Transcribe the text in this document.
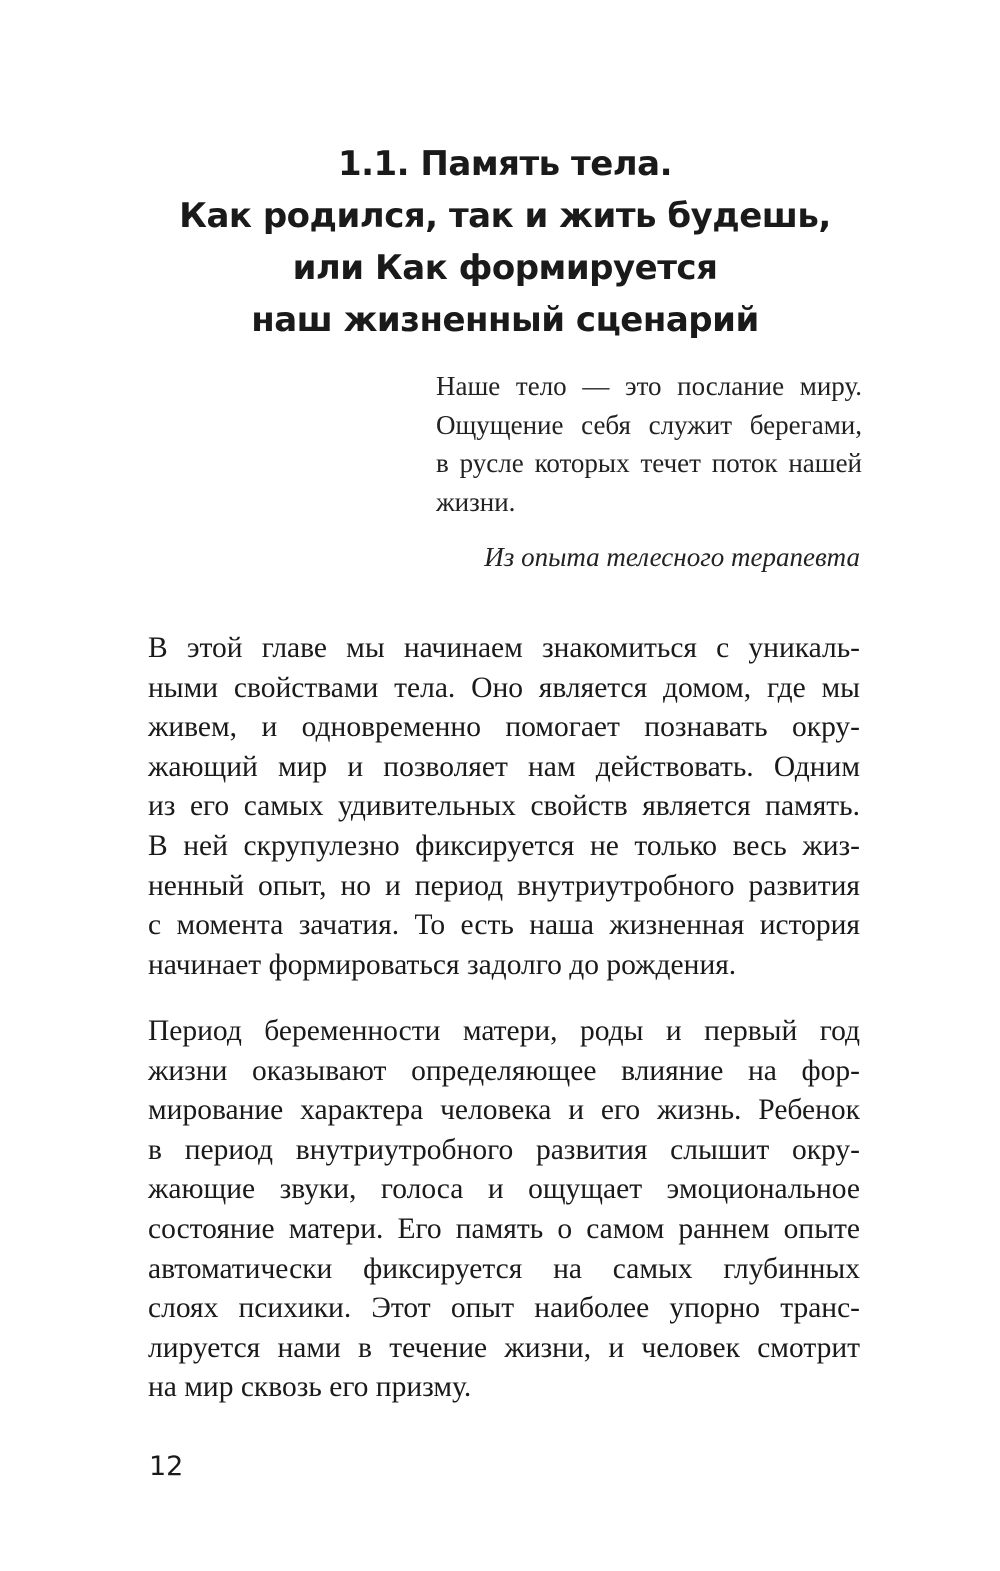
1.1. Память тела.
Как родился, так и жить будешь,
или Как формируется
наш жизненный сценарий
Наше тело — это послание миру.
Ощущение себя служит берегами,
в русле которых течет поток нашей
жизни.
Из опыта телесного терапевта
В этой главе мы начинаем знакомиться с уникаль-
ными свойствами тела. Оно является домом, где мы
живем, и одновременно помогает познавать окру-
жающий мир и позволяет нам действовать. Одним
из его самых удивительных свойств является память.
В ней скрупулезно фиксируется не только весь жиз-
ненный опыт, но и период внутриутробного развития
с момента зачатия. То есть наша жизненная история
начинает формироваться задолго до рождения.
Период беременности матери, роды и первый год
жизни оказывают определяющее влияние на фор-
мирование характера человека и его жизнь. Ребенок
в период внутриутробного развития слышит окру-
жающие звуки, голоса и ощущает эмоциональное
состояние матери. Его память о самом раннем опыте
автоматически фиксируется на самых глубинных
слоях психики. Этот опыт наиболее упорно транс-
лируется нами в течение жизни, и человек смотрит
на мир сквозь его призму.
12
